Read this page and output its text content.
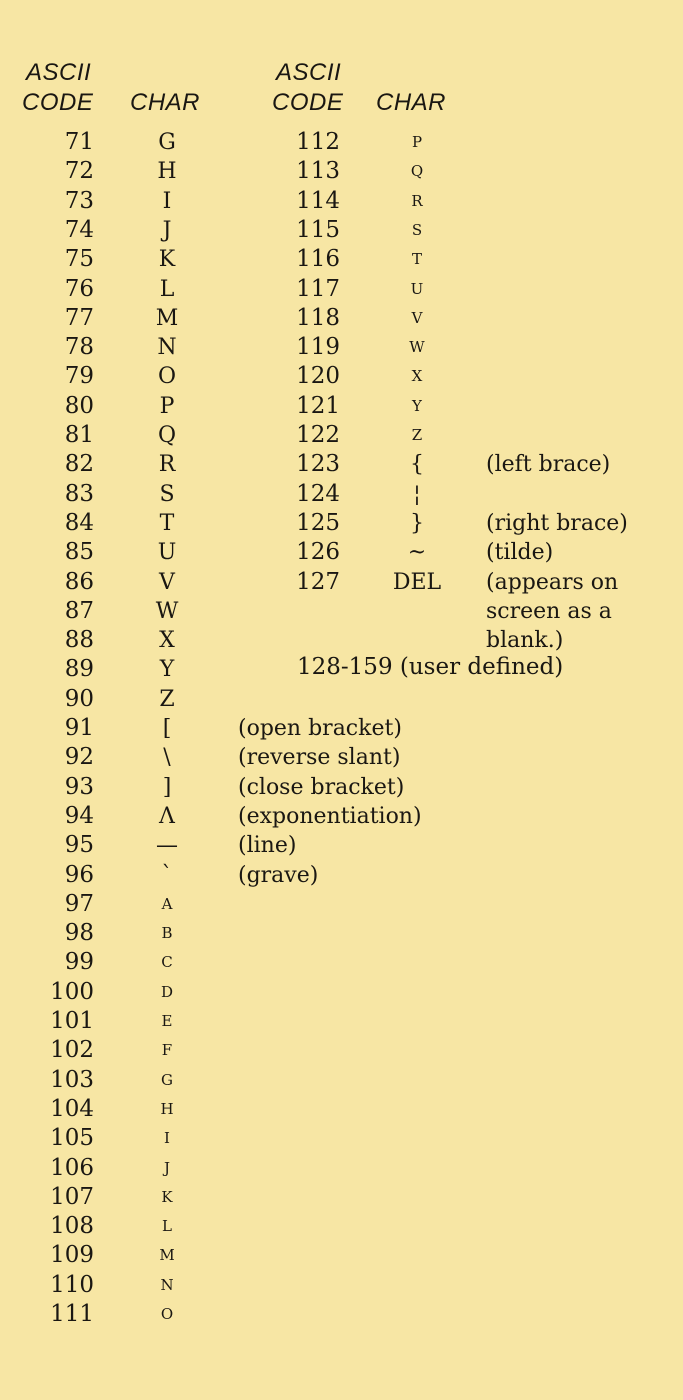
ASCII
CODE CHAR
ASCII
CODE CHAR
71	G
72	H
73	I
74	J
75	K
76	L
77	M
78	N
79	O
80	P
81	Q
82	R
83	S
84	T
85	U
86	V
87	W
88	X
89	Y
90	Z
91	[	(open bracket)
92	\	(reverse slant)
93	]	(close bracket)
94	Λ	(exponentiation)
95	—	(line)
96	`	(grave)
97	A
98	B
99	C
100	D
101	E
102	F
103	G
104	H
105	I
106	J
107	K
108	L
109	M
110	N
111	O
112	P
113	Q
114	R
115	S
116	T
117	U
118	V
119	W
120	X
121	Y
122	Z
123	{	(left brace)
124	¦
125	}	(right brace)
126	~	(tilde)
127 DEL (appears on screen as a blank.)
128-159 (user defined)
